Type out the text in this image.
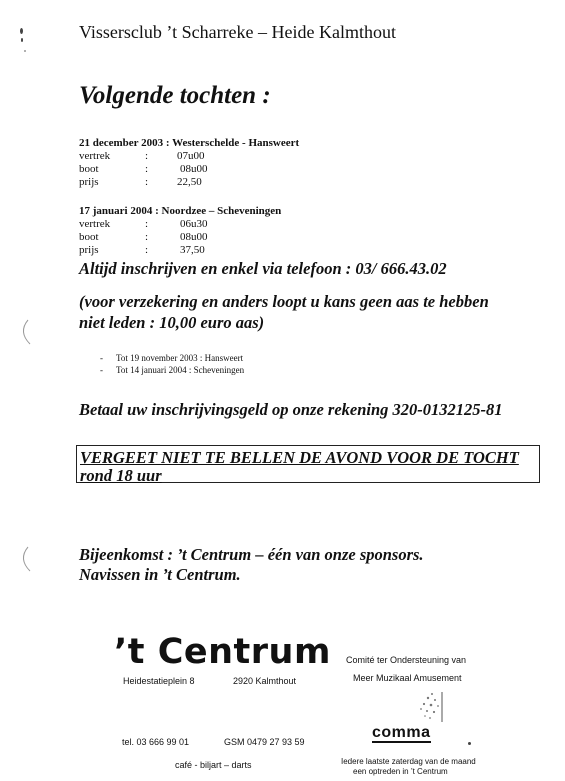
Vissersclub ’t Scharreke – Heide Kalmthout
Volgende tochten :
21 december 2003 : Westerschelde - Hansweert
vertrek	:	07u00
boot	:	08u00
prijs	:	22,50
17 januari 2004 : Noordzee – Scheveningen
vertrek	:	06u30
boot	:	08u00
prijs	:	37,50
Altijd inschrijven en enkel via telefoon : 03/ 666.43.02
(voor verzekering en anders loopt u kans geen aas te hebben
niet leden : 10,00 euro aas)
- Tot 19 november 2003 : Hansweert
- Tot 14 januari 2004 : Scheveningen
Betaal uw inschrijvingsgeld op onze rekening 320-0132125-81
VERGEET NIET TE BELLEN DE AVOND VOOR DE TOCHT
rond 18 uur
Bijeenkomst : ’t Centrum – één van onze sponsors.
Navissen in ’t Centrum.
’t Centrum
Heidestatieplein 8	2920 Kalmthout
tel. 03 666 99 01	GSM 0479 27 93 59
café - biljart – darts
Comité ter Ondersteuning van
Meer Muzikaal Amusement
comma
Iedere laatste zaterdag van de maand
een optreden in ’t Centrum
